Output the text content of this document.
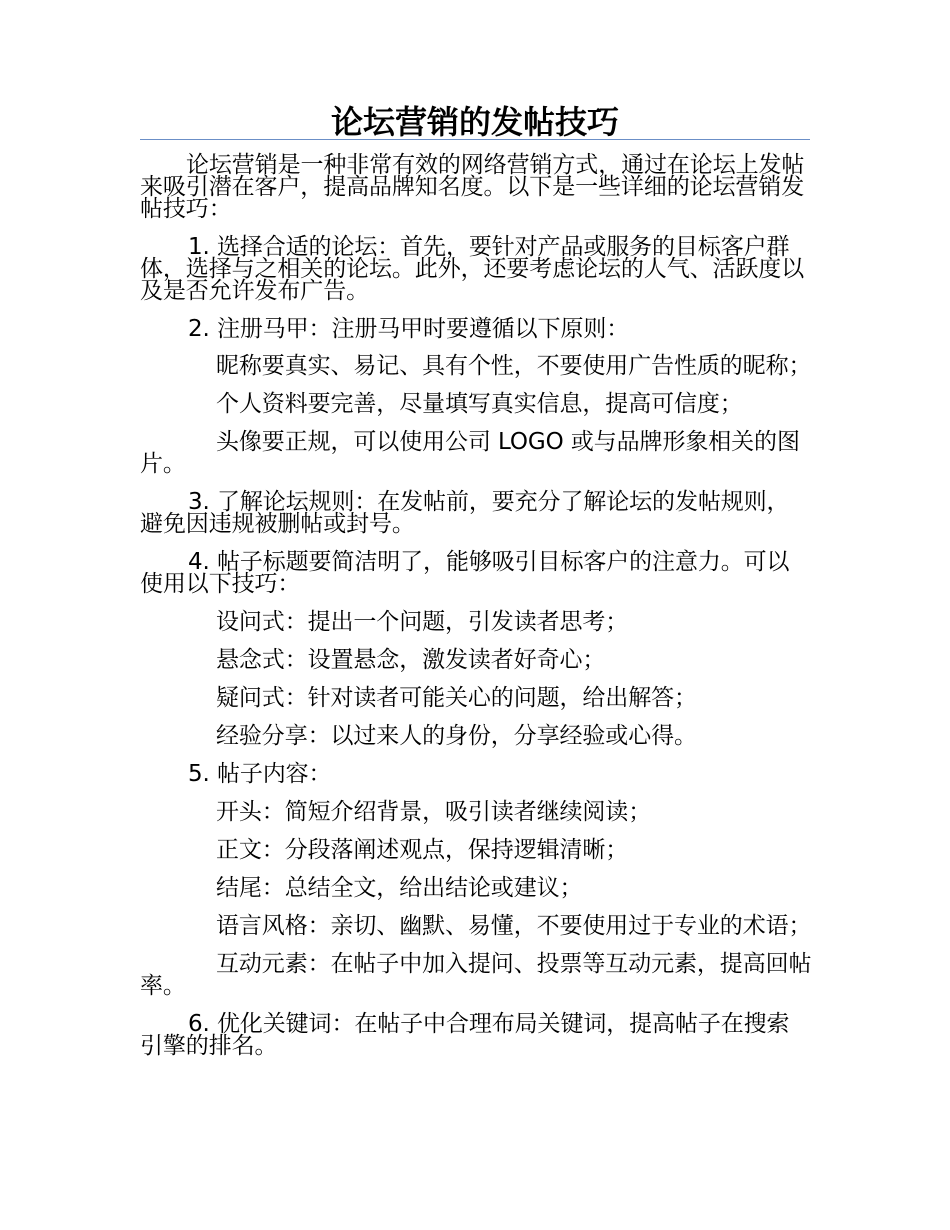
论坛营销的发帖技巧

论坛营销是一种非常有效的网络营销方式，通过在论坛上发帖来吸引潜在客户，提高品牌知名度。以下是一些详细的论坛营销发帖技巧：

1. 选择合适的论坛：首先，要针对产品或服务的目标客户群体，选择与之相关的论坛。此外，还要考虑论坛的人气、活跃度以及是否允许发布广告。

2. 注册马甲：注册马甲时要遵循以下原则：

昵称要真实、易记、具有个性，不要使用广告性质的昵称；

个人资料要完善，尽量填写真实信息，提高可信度；

头像要正规，可以使用公司 LOGO 或与品牌形象相关的图片。

3. 了解论坛规则：在发帖前，要充分了解论坛的发帖规则，避免因违规被删帖或封号。

4. 帖子标题要简洁明了，能够吸引目标客户的注意力。可以使用以下技巧：

设问式：提出一个问题，引发读者思考；

悬念式：设置悬念，激发读者好奇心；

疑问式：针对读者可能关心的问题，给出解答；

经验分享：以过来人的身份，分享经验或心得。

5. 帖子内容：

开头：简短介绍背景，吸引读者继续阅读；

正文：分段落阐述观点，保持逻辑清晰；

结尾：总结全文，给出结论或建议；

语言风格：亲切、幽默、易懂，不要使用过于专业的术语；

互动元素：在帖子中加入提问、投票等互动元素，提高回帖率。

6. 优化关键词：在帖子中合理布局关键词，提高帖子在搜索引擎的排名。
